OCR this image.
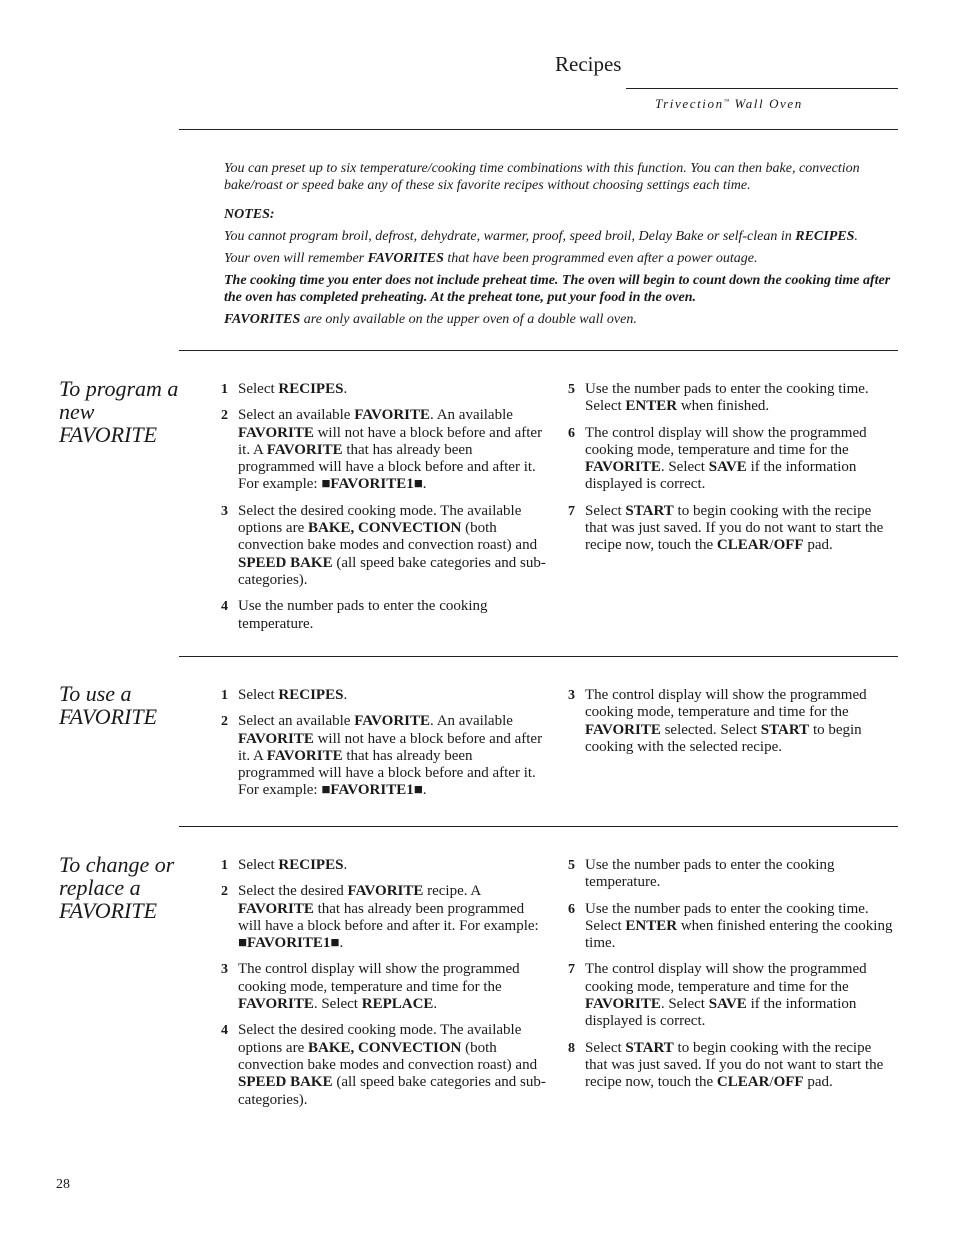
Recipes
Trivection™ Wall Oven

You can preset up to six temperature/cooking time combinations with this function. You can then bake, convection bake/roast or speed bake any of these six favorite recipes without choosing settings each time.

NOTES:

You cannot program broil, defrost, dehydrate, warmer, proof, speed broil, Delay Bake or self-clean in RECIPES.

Your oven will remember FAVORITES that have been programmed even after a power outage.

The cooking time you enter does not include preheat time. The oven will begin to count down the cooking time after the oven has completed preheating. At the preheat tone, put your food in the oven.

FAVORITES are only available on the upper oven of a double wall oven.

To program a new FAVORITE
1 Select RECIPES.
2 Select an available FAVORITE. An available FAVORITE will not have a block before and after it. A FAVORITE that has already been programmed will have a block before and after it. For example: ■FAVORITE1■.
3 Select the desired cooking mode. The available options are BAKE, CONVECTION (both convection bake modes and convection roast) and SPEED BAKE (all speed bake categories and sub-categories).
4 Use the number pads to enter the cooking temperature.
5 Use the number pads to enter the cooking time. Select ENTER when finished.
6 The control display will show the programmed cooking mode, temperature and time for the FAVORITE. Select SAVE if the information displayed is correct.
7 Select START to begin cooking with the recipe that was just saved. If you do not want to start the recipe now, touch the CLEAR/OFF pad.
To use a FAVORITE
1 Select RECIPES.
2 Select an available FAVORITE. An available FAVORITE will not have a block before and after it. A FAVORITE that has already been programmed will have a block before and after it. For example: ■FAVORITE1■.
3 The control display will show the programmed cooking mode, temperature and time for the FAVORITE selected. Select START to begin cooking with the selected recipe.
To change or replace a FAVORITE
1 Select RECIPES.
2 Select the desired FAVORITE recipe. A FAVORITE that has already been programmed will have a block before and after it. For example: ■FAVORITE1■.
3 The control display will show the programmed cooking mode, temperature and time for the FAVORITE. Select REPLACE.
4 Select the desired cooking mode. The available options are BAKE, CONVECTION (both convection bake modes and convection roast) and SPEED BAKE (all speed bake categories and sub-categories).
5 Use the number pads to enter the cooking temperature.
6 Use the number pads to enter the cooking time. Select ENTER when finished entering the cooking time.
7 The control display will show the programmed cooking mode, temperature and time for the FAVORITE. Select SAVE if the information displayed is correct.
8 Select START to begin cooking with the recipe that was just saved. If you do not want to start the recipe now, touch the CLEAR/OFF pad.
28
